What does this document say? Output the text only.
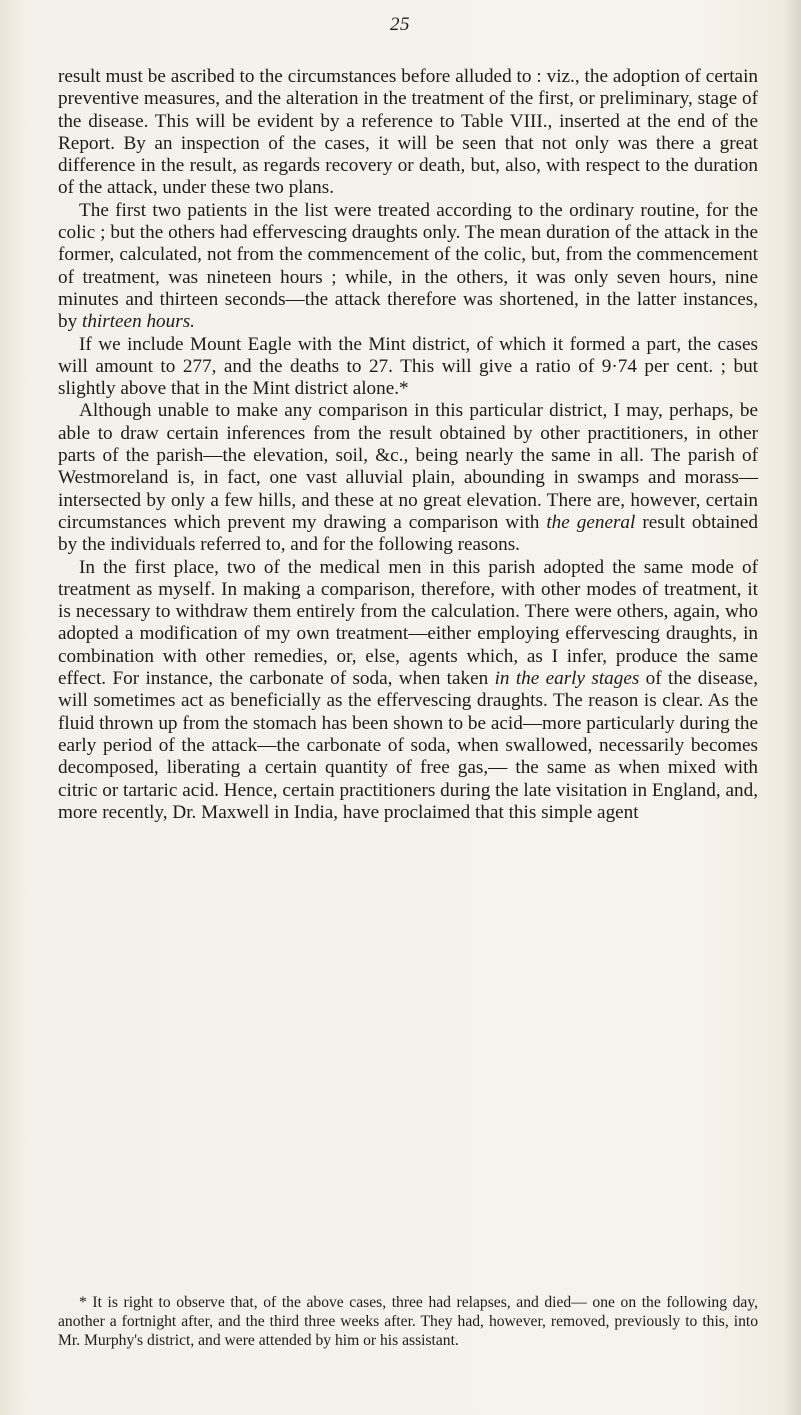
25

result must be ascribed to the circumstances before alluded to : viz., the adoption of certain preventive measures, and the alteration in the treatment of the first, or preliminary, stage of the disease. This will be evident by a reference to Table VIII., inserted at the end of the Report. By an inspection of the cases, it will be seen that not only was there a great difference in the result, as regards recovery or death, but, also, with respect to the duration of the attack, under these two plans.

The first two patients in the list were treated according to the ordinary routine, for the colic ; but the others had effervescing draughts only. The mean duration of the attack in the former, calculated, not from the commencement of the colic, but, from the commencement of treatment, was nineteen hours ; while, in the others, it was only seven hours, nine minutes and thirteen seconds—the attack therefore was shortened, in the latter instances, by thirteen hours.

If we include Mount Eagle with the Mint district, of which it formed a part, the cases will amount to 277, and the deaths to 27. This will give a ratio of 9·74 per cent. ; but slightly above that in the Mint district alone.*

Although unable to make any comparison in this particular district, I may, perhaps, be able to draw certain inferences from the result obtained by other practitioners, in other parts of the parish—the elevation, soil, &c., being nearly the same in all. The parish of Westmoreland is, in fact, one vast alluvial plain, abounding in swamps and morass—intersected by only a few hills, and these at no great elevation. There are, however, certain circumstances which prevent my drawing a comparison with the general result obtained by the individuals referred to, and for the following reasons.

In the first place, two of the medical men in this parish adopted the same mode of treatment as myself. In making a comparison, therefore, with other modes of treatment, it is necessary to withdraw them entirely from the calculation. There were others, again, who adopted a modification of my own treatment—either employing effervescing draughts, in combination with other remedies, or, else, agents which, as I infer, produce the same effect. For instance, the carbonate of soda, when taken in the early stages of the disease, will sometimes act as beneficially as the effervescing draughts. The reason is clear. As the fluid thrown up from the stomach has been shown to be acid—more particularly during the early period of the attack—the carbonate of soda, when swallowed, necessarily becomes decomposed, liberating a certain quantity of free gas,— the same as when mixed with citric or tartaric acid. Hence, certain practitioners during the late visitation in England, and, more recently, Dr. Maxwell in India, have proclaimed that this simple agent

* It is right to observe that, of the above cases, three had relapses, and died— one on the following day, another a fortnight after, and the third three weeks after. They had, however, removed, previously to this, into Mr. Murphy's district, and were attended by him or his assistant.
